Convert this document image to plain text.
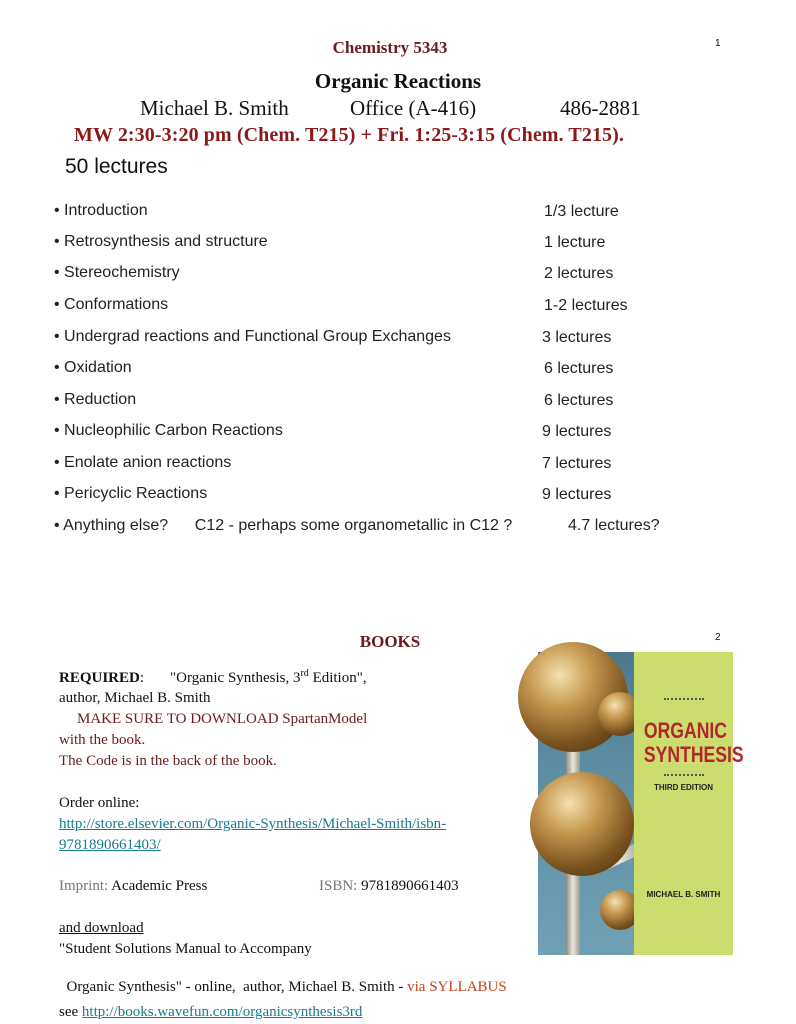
1
Chemistry 5343
Organic Reactions
Michael B. Smith	Office (A-416)	486-2881
MW 2:30-3:20 pm (Chem. T215) + Fri. 1:25-3:15 (Chem. T215).
50 lectures
• Introduction	1/3 lecture
• Retrosynthesis and structure	1 lecture
• Stereochemistry	2 lectures
• Conformations	1-2 lectures
• Undergrad reactions and Functional Group Exchanges	3 lectures
• Oxidation	6 lectures
• Reduction	6 lectures
• Nucleophilic Carbon Reactions	9 lectures
• Enolate anion reactions	7 lectures
• Pericyclic Reactions	9 lectures
• Anything else?      C12 - perhaps some organometallic in C12 ?	4.7 lectures?
2
BOOKS
REQUIRED: "Organic Synthesis, 3rd Edition",
author, Michael B. Smith
MAKE SURE TO DOWNLOAD SpartanModel
with the book.
The Code is in the back of the book.
Order online:
http://store.elsevier.com/Organic-Synthesis/Michael-Smith/isbn-
9781890661403/
Imprint: Academic Press	ISBN: 9781890661403
and download
"Student Solutions Manual to Accompany

Organic Synthesis" - online,  author, Michael B. Smith - via SYLLABUS

see http://books.wavefun.com/organicsynthesis3rd
ORGANIC
SYNTHESIS
THIRD EDITION
MICHAEL B. SMITH
